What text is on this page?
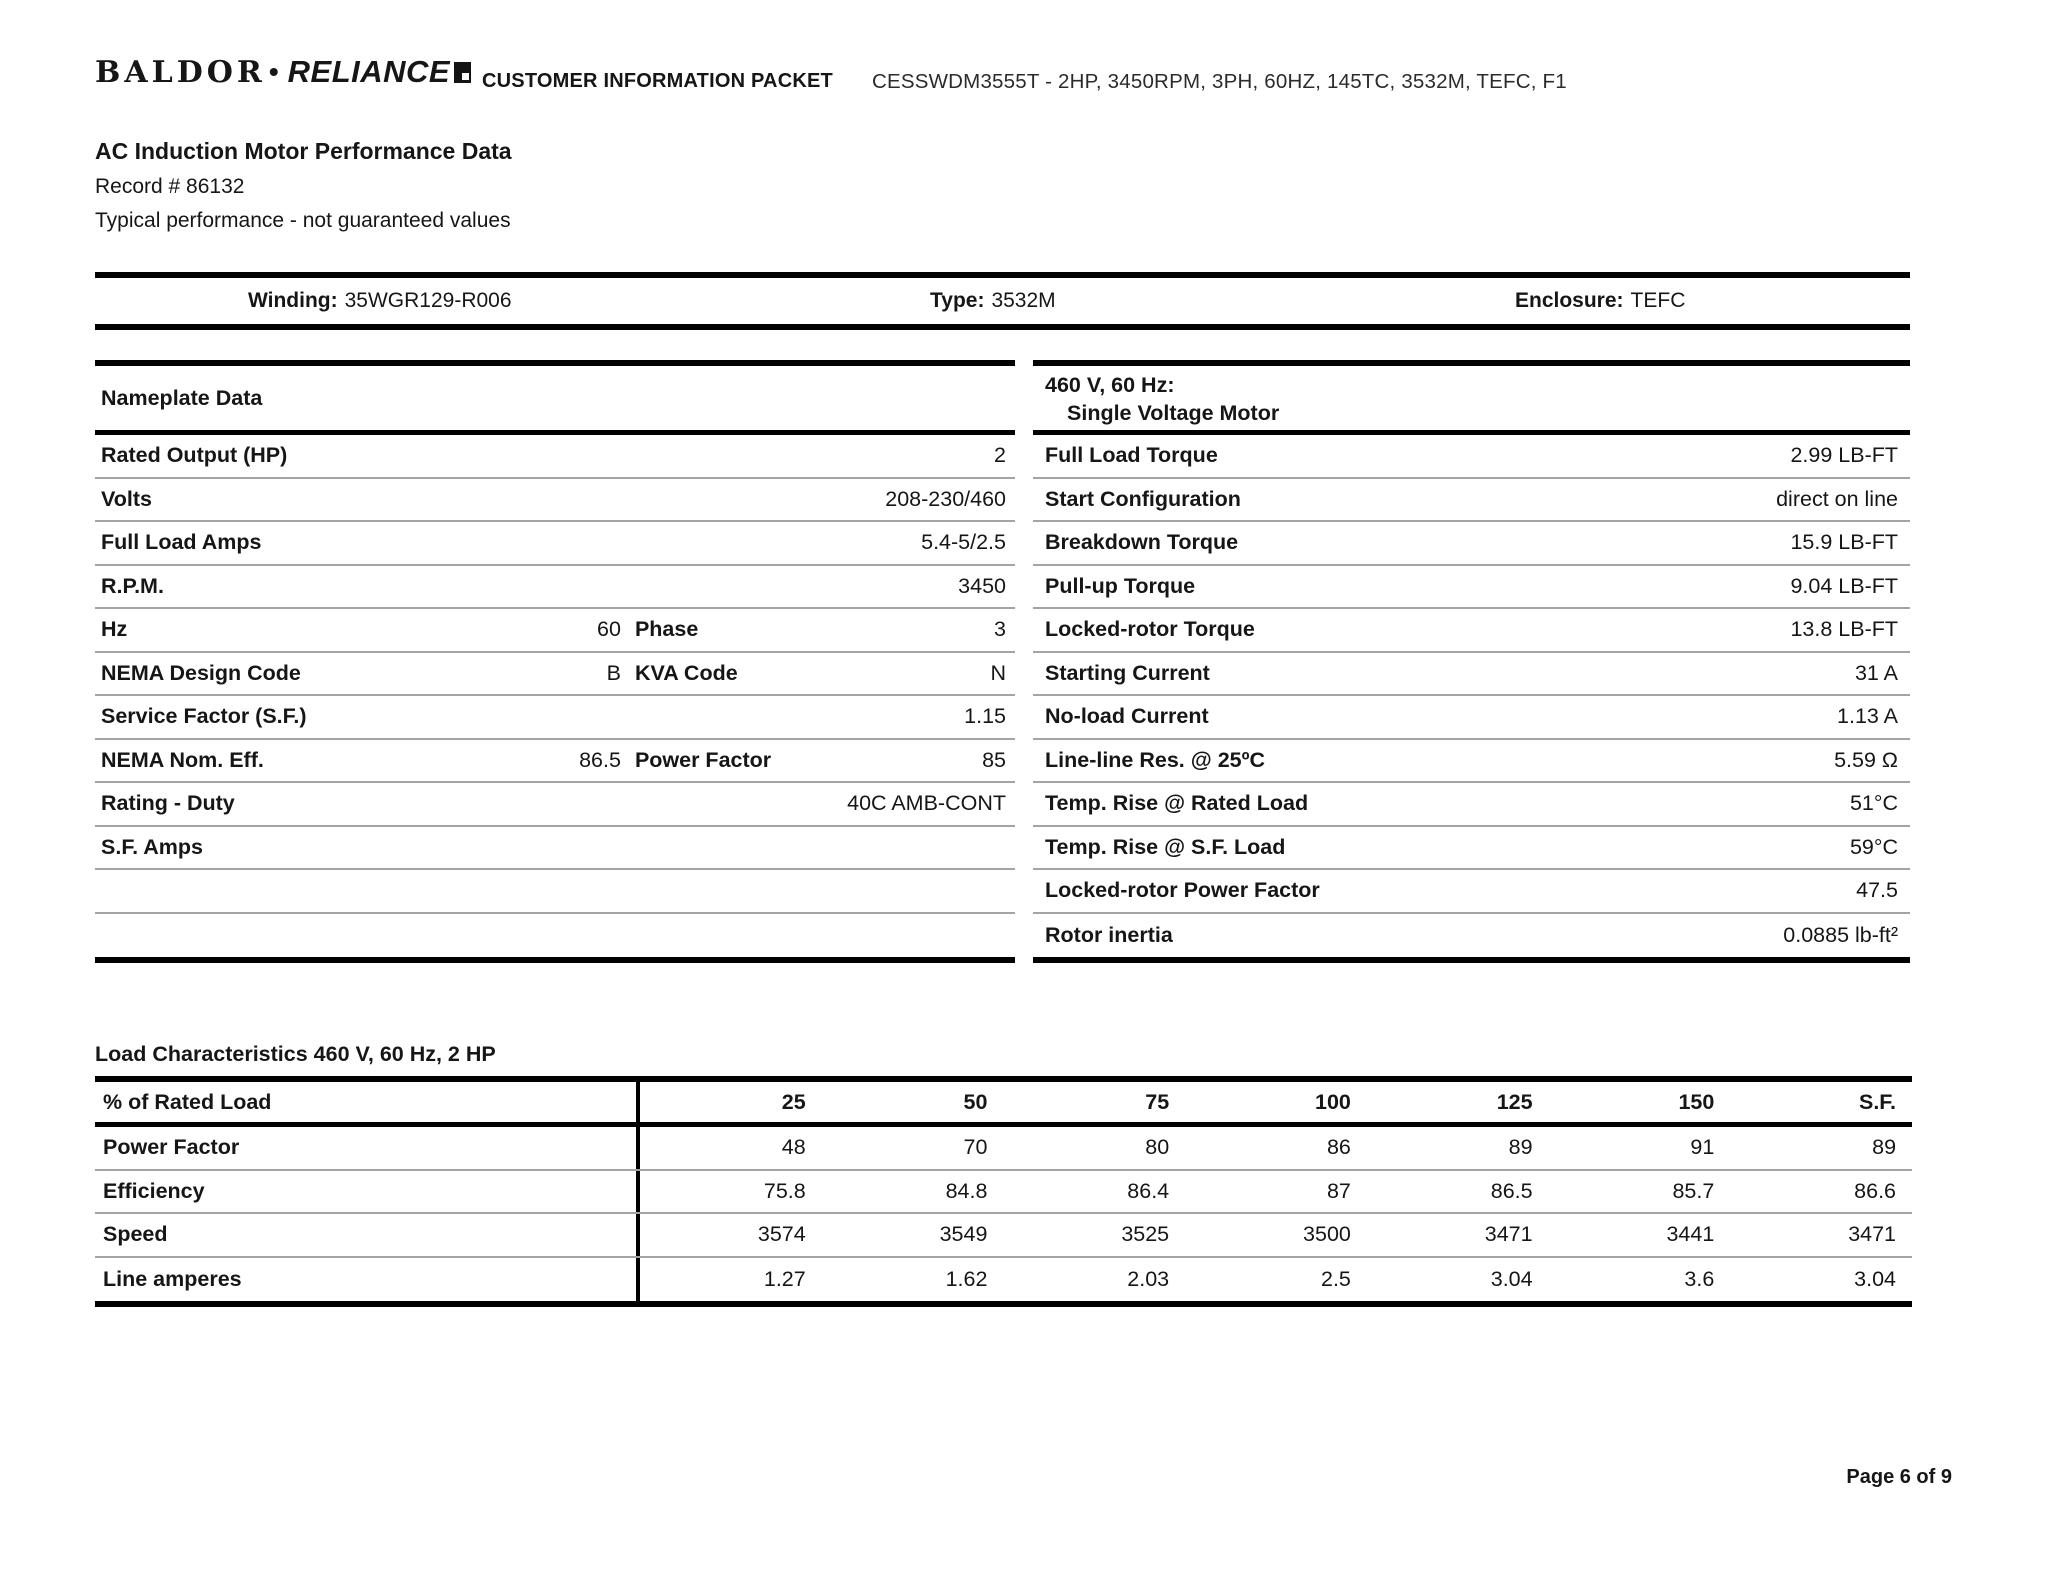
BALDOR • RELIANCE CUSTOMER INFORMATION PACKET CESSWDM3555T - 2HP, 3450RPM, 3PH, 60HZ, 145TC, 3532M, TEFC, F1
AC Induction Motor Performance Data
Record # 86132
Typical performance - not guaranteed values
Winding: 35WGR129-R006	Type: 3532M	Enclosure: TEFC
Nameplate Data
Rated Output (HP)	2
Volts	208-230/460
Full Load Amps	5.4-5/2.5
R.P.M.	3450
Hz	60 Phase	3
NEMA Design Code	B KVA Code	N
Service Factor (S.F.)	1.15
NEMA Nom. Eff.	86.5 Power Factor	85
Rating - Duty	40C AMB-CONT
S.F. Amps
460 V, 60 Hz:
Single Voltage Motor
Full Load Torque	2.99 LB-FT
Start Configuration	direct on line
Breakdown Torque	15.9 LB-FT
Pull-up Torque	9.04 LB-FT
Locked-rotor Torque	13.8 LB-FT
Starting Current	31 A
No-load Current	1.13 A
Line-line Res. @ 25ºC	5.59 Ω
Temp. Rise @ Rated Load	51°C
Temp. Rise @ S.F. Load	59°C
Locked-rotor Power Factor	47.5
Rotor inertia	0.0885 lb-ft²
Load Characteristics 460 V, 60 Hz, 2 HP
% of Rated Load	25	50	75	100	125	150	S.F.
Power Factor	48	70	80	86	89	91	89
Efficiency	75.8	84.8	86.4	87	86.5	85.7	86.6
Speed	3574	3549	3525	3500	3471	3441	3471
Line amperes	1.27	1.62	2.03	2.5	3.04	3.6	3.04
Page 6 of 9
